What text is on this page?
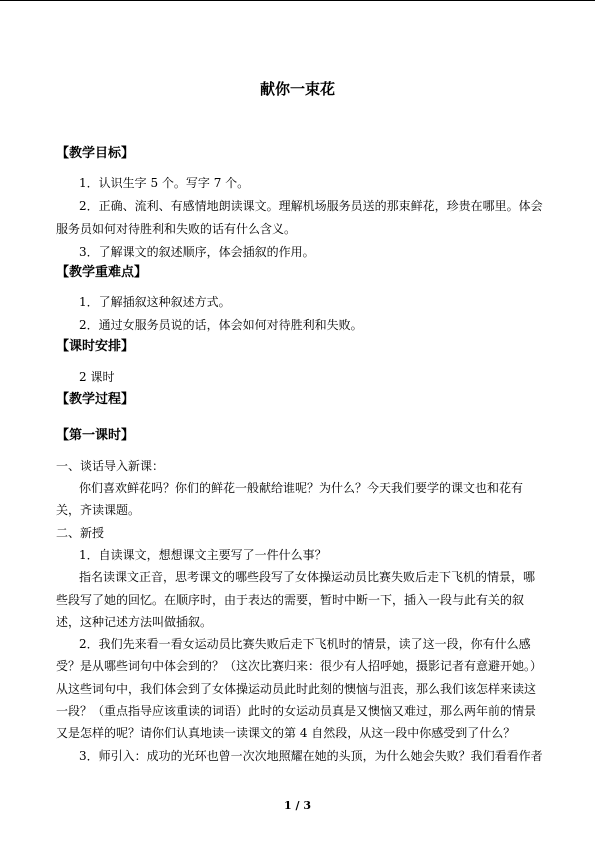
献你一束花
【教学目标】
1．认识生字 5 个。写字 7 个。
2．正确、流利、有感情地朗读课文。理解机场服务员送的那束鲜花，珍贵在哪里。体会
服务员如何对待胜利和失败的话有什么含义。
3．了解课文的叙述顺序，体会插叙的作用。
【教学重难点】
1．了解插叙这种叙述方式。
2．通过女服务员说的话，体会如何对待胜利和失败。
【课时安排】
2 课时
【教学过程】
【第一课时】
一、谈话导入新课：
你们喜欢鲜花吗？你们的鲜花一般献给谁呢？为什么？今天我们要学的课文也和花有
关，齐读课题。
二、新授
1．自读课文，想想课文主要写了一件什么事？
指名读课文正音，思考课文的哪些段写了女体操运动员比赛失败后走下飞机的情景，哪
些段写了她的回忆。在顺序时，由于表达的需要，暂时中断一下，插入一段与此有关的叙
述，这种记述方法叫做插叙。
2．我们先来看一看女运动员比赛失败后走下飞机时的情景，读了这一段，你有什么感
受？是从哪些词句中体会到的？（这次比赛归来：很少有人招呼她，摄影记者有意避开她。）
从这些词句中，我们体会到了女体操运动员此时此刻的懊恼与沮丧，那么我们该怎样来读这
一段？（重点指导应该重读的词语）此时的女运动员真是又懊恼又难过，那么两年前的情景
又是怎样的呢？请你们认真地读一读课文的第 4 自然段，从这一段中你感受到了什么？
3．师引入：成功的光环也曾一次次地照耀在她的头顶，为什么她会失败？我们看看作者
1 / 3
